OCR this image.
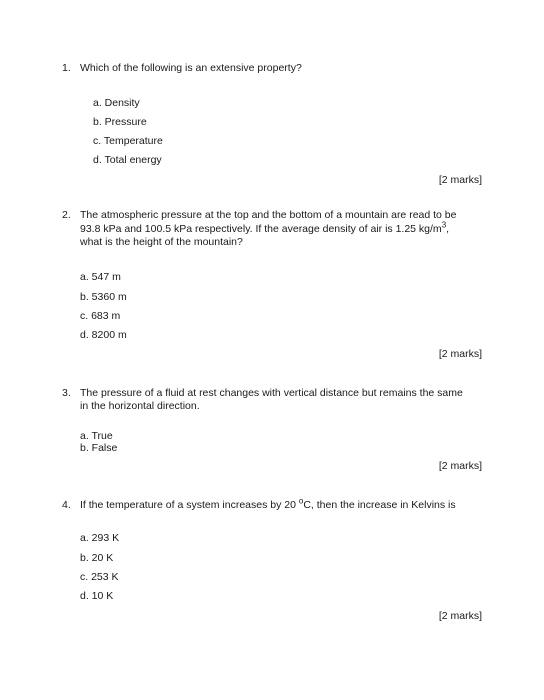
1. Which of the following is an extensive property?
a. Density
b. Pressure
c. Temperature
d. Total energy
[2 marks]
2. The atmospheric pressure at the top and the bottom of a mountain are read to be
93.8 kPa and 100.5 kPa respectively. If the average density of air is 1.25 $kg/m^3$,
what is the height of the mountain?
a. 547 m
b. 5360 m
c. 683 m
d. 8200 m
[2 marks]
3. The pressure of a fluid at rest changes with vertical distance but remains the same
in the horizontal direction.
a. True
b. False
[2 marks]
4. If the temperature of a system increases by 20 $^o$C, then the increase in Kelvins is
a. 293 K
b. 20 K
c. 253 K
d. 10 K
[2 marks]
